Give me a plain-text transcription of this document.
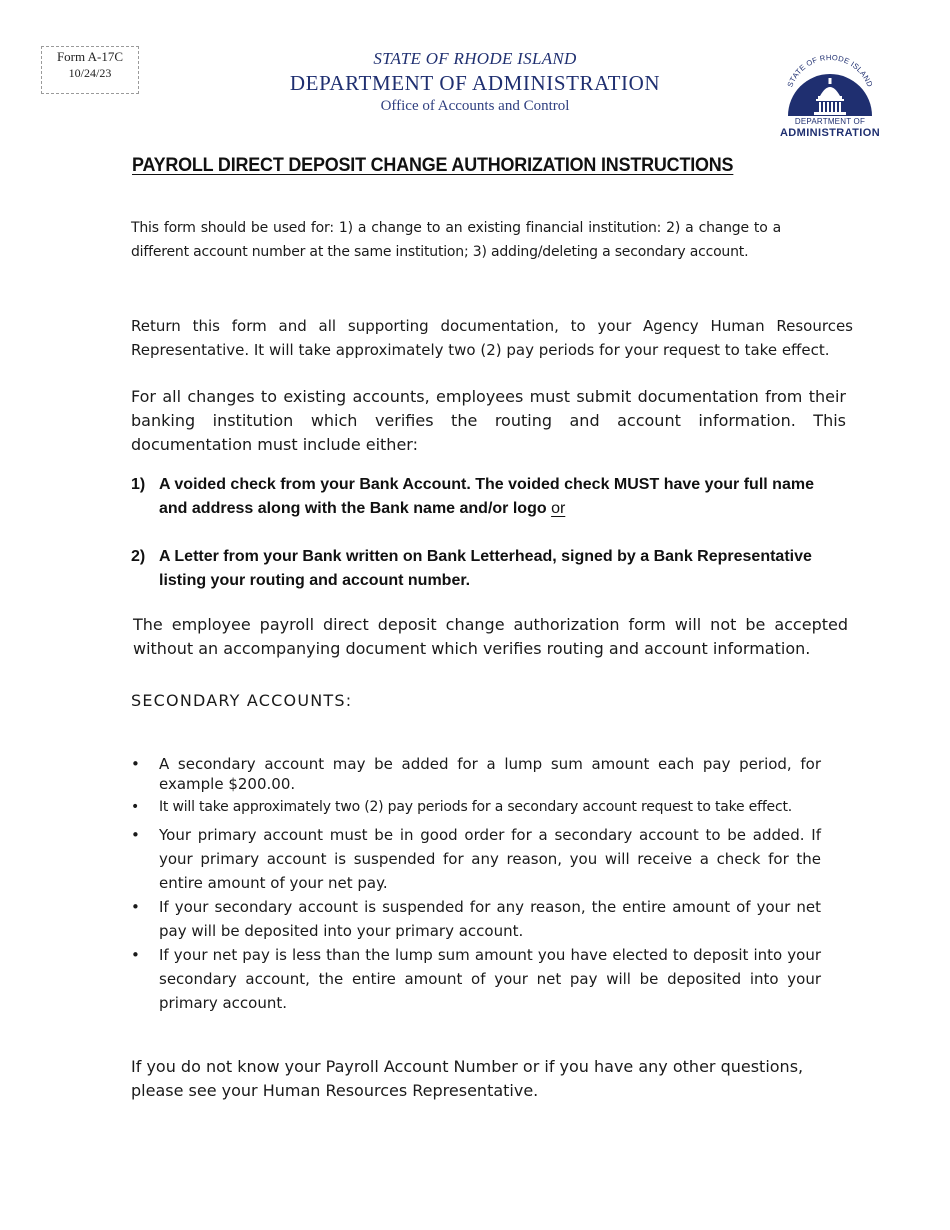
Form A-17C
10/24/23
STATE OF RHODE ISLAND
DEPARTMENT OF ADMINISTRATION
Office of Accounts and Control
STATE OF RHODE ISLAND
DEPARTMENT OF
ADMINISTRATION
PAYROLL DIRECT DEPOSIT CHANGE AUTHORIZATION INSTRUCTIONS

This form should be used for: 1) a change to an existing financial institution: 2) a change to a different account number at the same institution; 3) adding/deleting a secondary account.

Return this form and all supporting documentation, to your Agency Human Resources Representative. It will take approximately two (2) pay periods for your request to take effect.

For all changes to existing accounts, employees must submit documentation from their banking institution which verifies the routing and account information. This documentation must include either:

1) A voided check from your Bank Account. The voided check MUST have your full name and address along with the Bank name and/or logo or
2) A Letter from your Bank written on Bank Letterhead, signed by a Bank Representative listing your routing and account number.

The employee payroll direct deposit change authorization form will not be accepted without an accompanying document which verifies routing and account information.

SECONDARY ACCOUNTS:
• A secondary account may be added for a lump sum amount each pay period, for example $200.00.
• It will take approximately two (2) pay periods for a secondary account request to take effect.
• Your primary account must be in good order for a secondary account to be added. If your primary account is suspended for any reason, you will receive a check for the entire amount of your net pay.
• If your secondary account is suspended for any reason, the entire amount of your net pay will be deposited into your primary account.
• If your net pay is less than the lump sum amount you have elected to deposit into your secondary account, the entire amount of your net pay will be deposited into your primary account.

If you do not know your Payroll Account Number or if you have any other questions, please see your Human Resources Representative.
